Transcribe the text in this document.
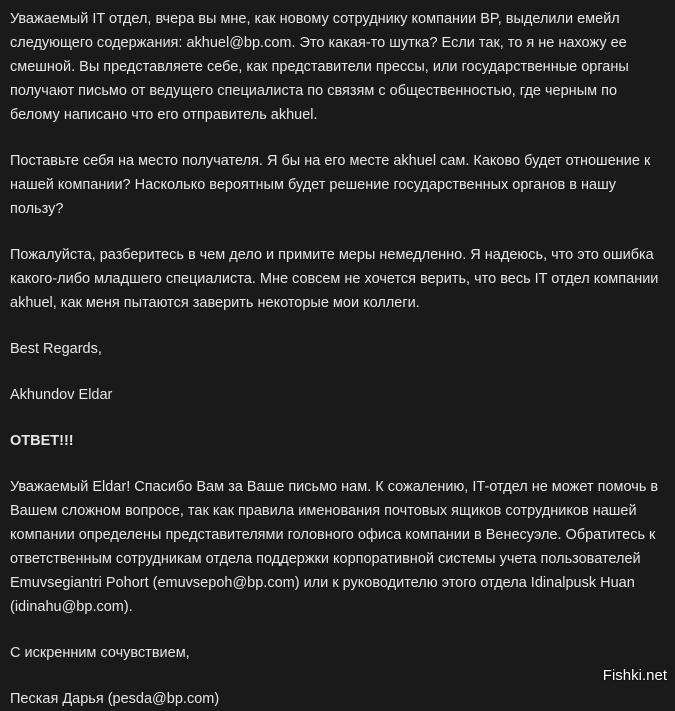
Уважаемый IT отдел, вчера вы мне, как новому сотруднику компании BP, выделили емейл следующего содержания: akhuel@bp.com. Это какая-то шутка? Если так, то я не нахожу ее смешной. Вы представляете себе, как представители прессы, или государственные органы получают письмо от ведущего специалиста по связям с общественностью, где черным по белому написано что его отправитель akhuel.

Поставьте себя на место получателя. Я бы на его месте akhuel сам. Каково будет отношение к нашей компании? Насколько вероятным будет решение государственных органов в нашу пользу?

Пожалуйста, разберитесь в чем дело и примите меры немедленно. Я надеюсь, что это ошибка какого-либо младшего специалиста. Мне совсем не хочется верить, что весь IT отдел компании akhuel, как меня пытаются заверить некоторые мои коллеги.

Best Regards,

Akhundov Eldar

ОТВЕТ!!!

Уважаемый Eldar! Спасибо Вам за Ваше письмо нам. К сожалению, IT-отдел не может помочь в Вашем сложном вопросе, так как правила именования почтовых ящиков сотрудников нашей компании определены представителями головного офиса компании в Венесуэле. Обратитесь к ответственным сотрудникам отдела поддержки корпоративной системы учета пользователей Emuvsegiantri Pohort (emuvsepoh@bp.com) или к руководителю этого отдела Idinalpusk Huan (idinahu@bp.com).

С искренним сочувствием,

Пеская Дарья (pesda@bp.com)

Fishki.net
